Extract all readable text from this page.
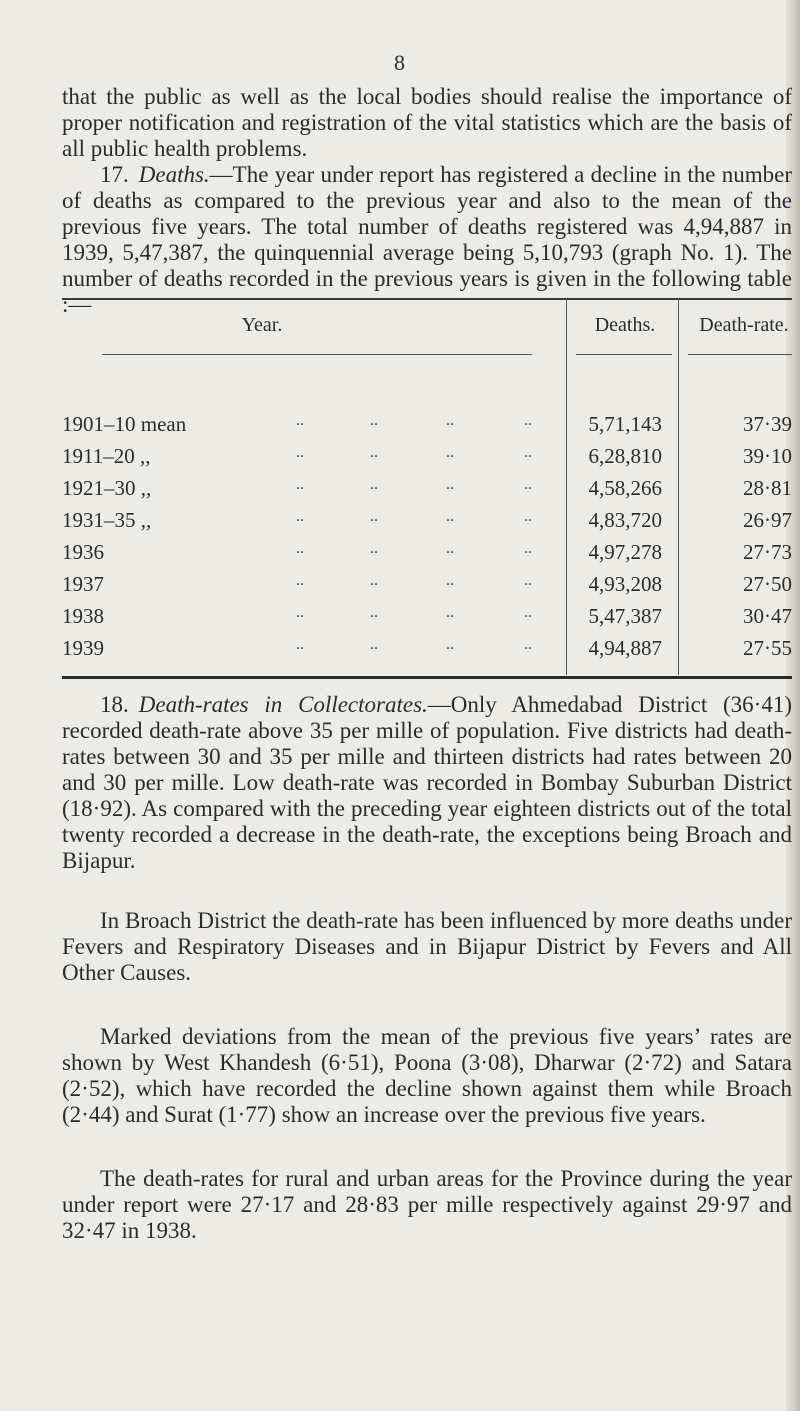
8

that the public as well as the local bodies should realise the importance of proper notification and registration of the vital statistics which are the basis of all public health problems.

17. Deaths.—The year under report has registered a decline in the number of deaths as compared to the previous year and also to the mean of the previous five years. The total number of deaths registered was 4,94,887 in 1939, 5,47,387, the quinquennial average being 5,10,793 (graph No. 1). The number of deaths recorded in the previous years is given in the following table :—

Year.	Deaths.	Death-rate.
1901–10 mean	..	..	..	..	5,71,143	37·39
1911–20 ,,	..	..	..	..	6,28,810	39·10
1921–30 ,,	..	..	..	..	4,58,266	28·81
1931–35 ,,	..	..	..	..	4,83,720	26·97
1936	..	..	..	..	4,97,278	27·73
1937	..	..	..	..	4,93,208	27·50
1938	..	..	..	..	5,47,387	30·47
1939	..	..	..	..	4,94,887	27·55

18. Death-rates in Collectorates.—Only Ahmedabad District (36·41) recorded death-rate above 35 per mille of population. Five districts had death-rates between 30 and 35 per mille and thirteen districts had rates between 20 and 30 per mille. Low death-rate was recorded in Bombay Suburban District (18·92). As compared with the preceding year eighteen districts out of the total twenty recorded a decrease in the death-rate, the exceptions being Broach and Bijapur.

In Broach District the death-rate has been influenced by more deaths under Fevers and Respiratory Diseases and in Bijapur District by Fevers and All Other Causes.

Marked deviations from the mean of the previous five years’ rates are shown by West Khandesh (6·51), Poona (3·08), Dharwar (2·72) and Satara (2·52), which have recorded the decline shown against them while Broach (2·44) and Surat (1·77) show an increase over the previous five years.

The death-rates for rural and urban areas for the Province during the year under report were 27·17 and 28·83 per mille respectively against 29·97 and 32·47 in 1938.
